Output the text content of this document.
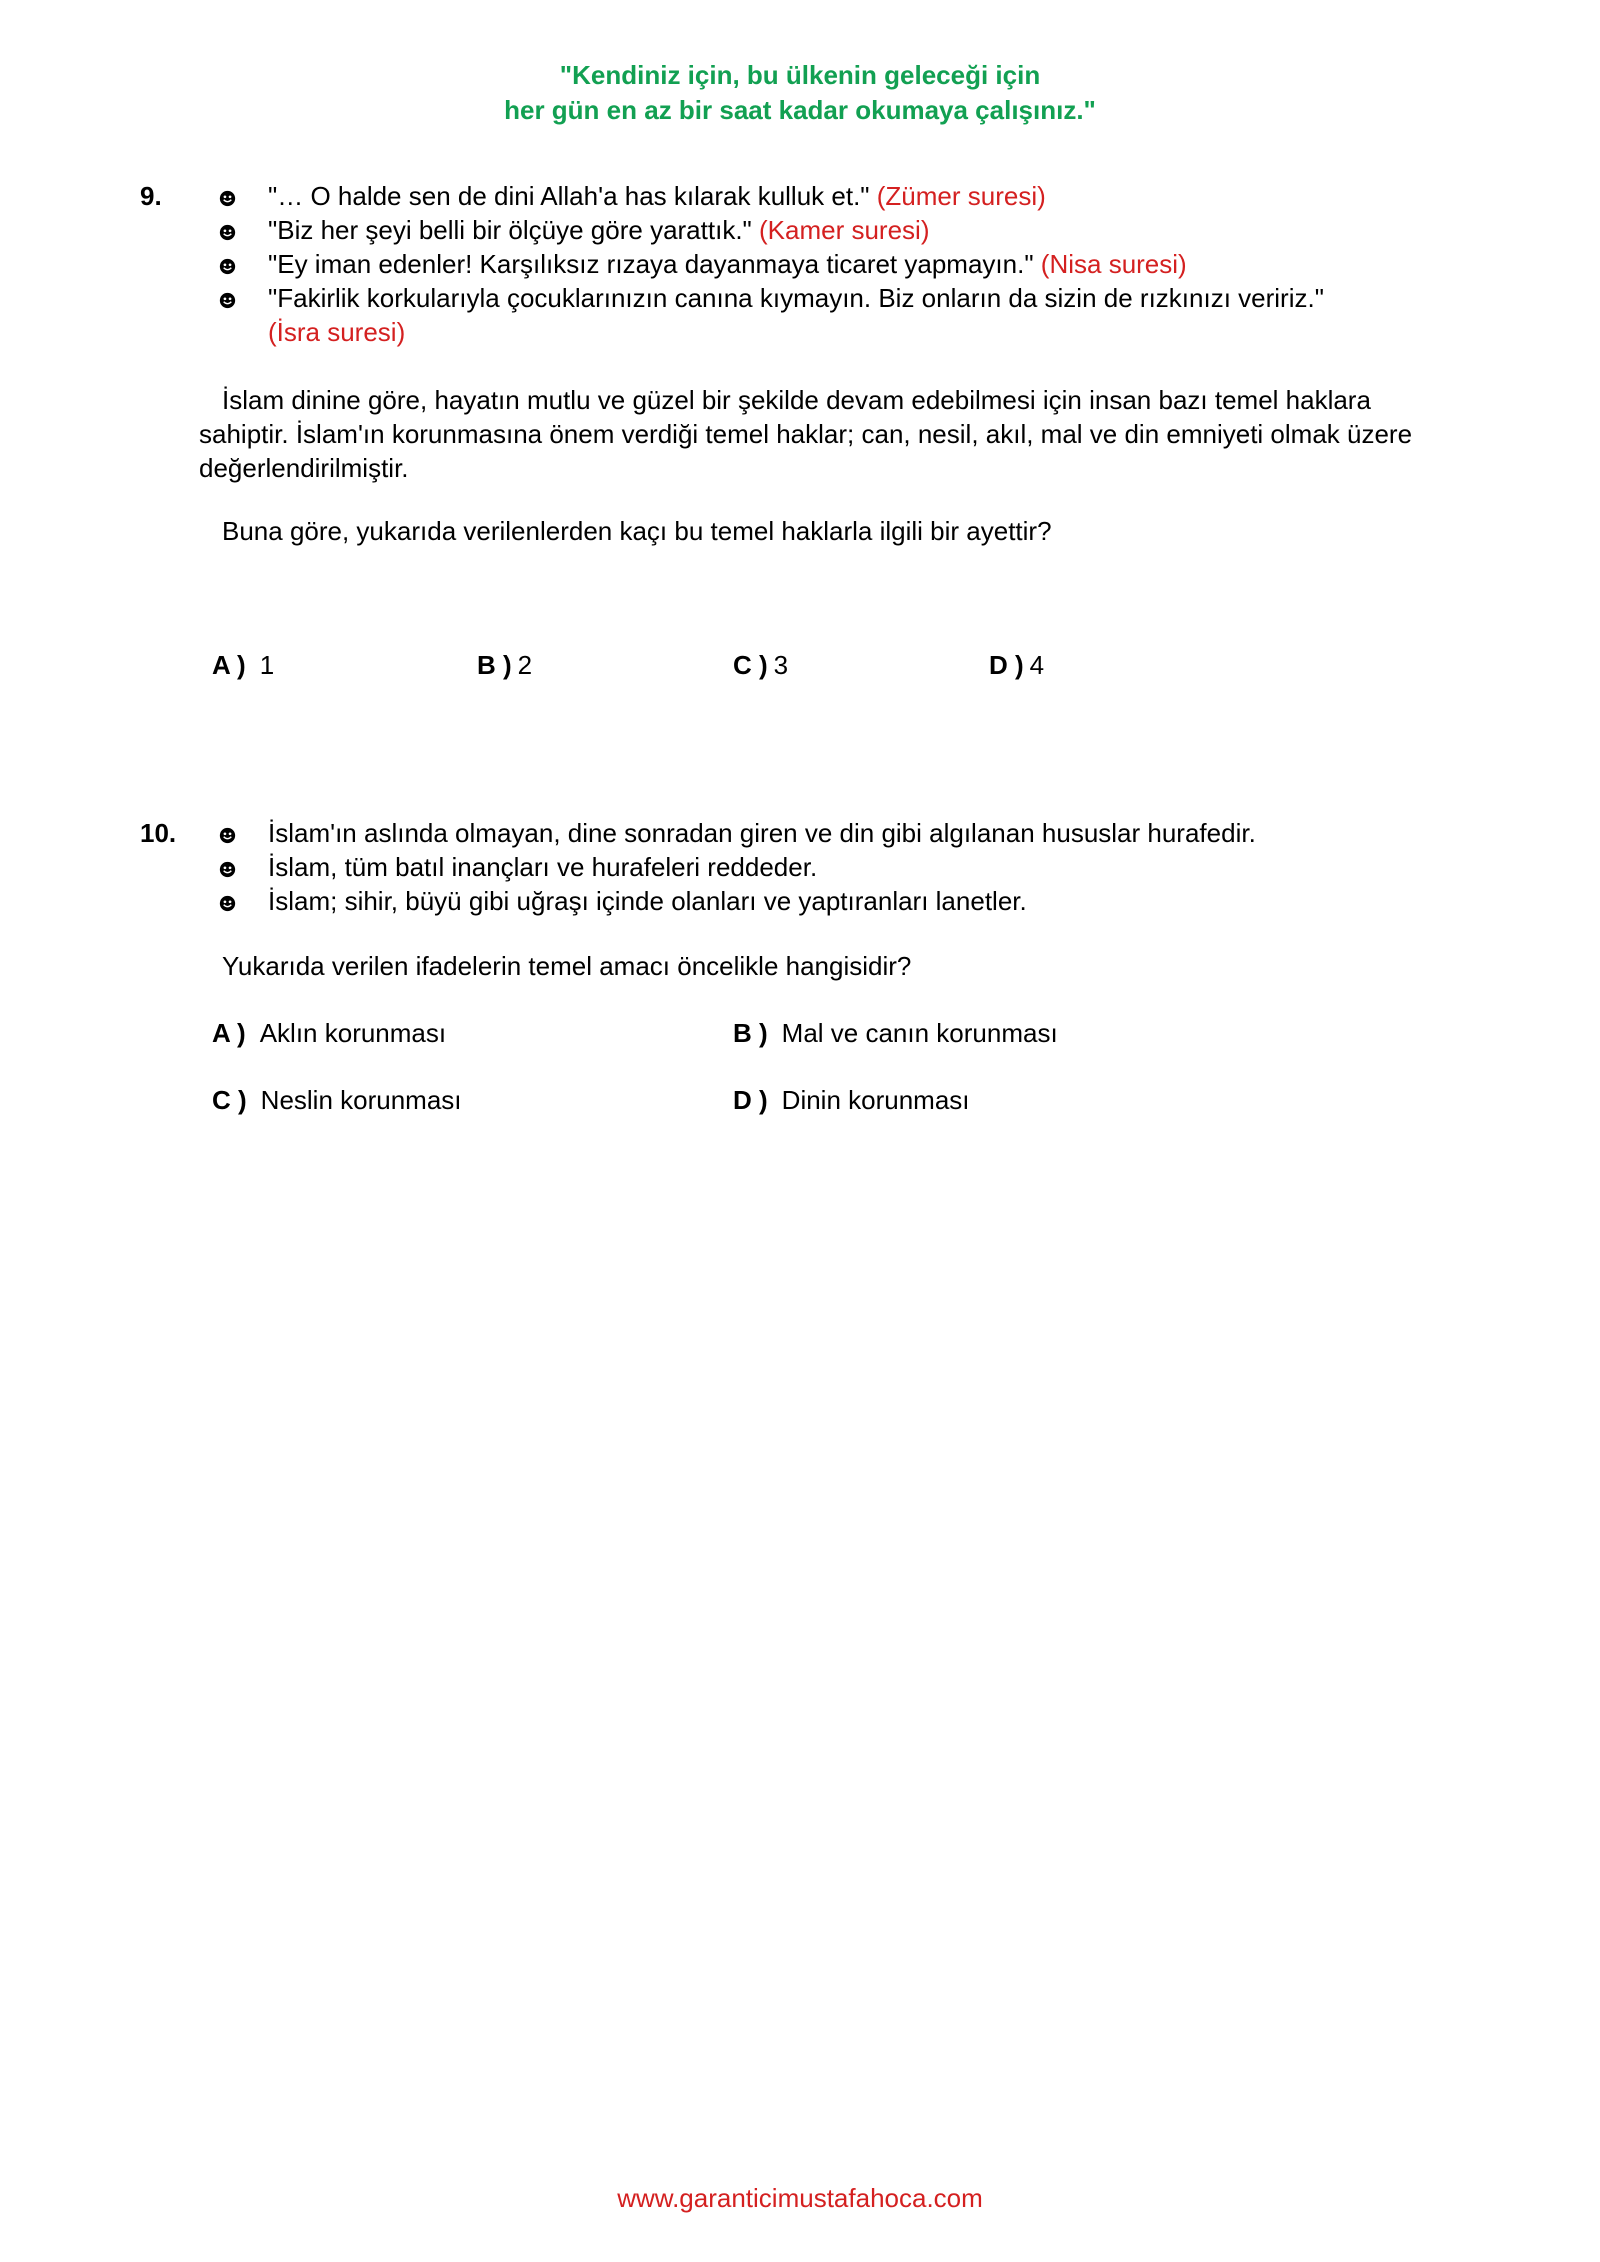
"Kendiniz için, bu ülkenin geleceği için
her gün en az bir saat kadar okumaya çalışınız."
9.	"… O halde sen de dini Allah'a has kılarak kulluk et." (Zümer suresi)
"Biz her şeyi belli bir ölçüye göre yarattık." (Kamer suresi)
"Ey iman edenler! Karşılıksız rızaya dayanmaya ticaret yapmayın." (Nisa suresi)
"Fakirlik korkularıyla çocuklarınızın canına kıymayın. Biz onların da sizin de rızkınızı veririz."
(İsra suresi)
İslam dinine göre, hayatın mutlu ve güzel bir şekilde devam edebilmesi için insan bazı temel haklara sahiptir. İslam'ın korunmasına önem verdiği temel haklar; can, nesil, akıl, mal ve din emniyeti olmak üzere değerlendirilmiştir.
Buna göre, yukarıda verilenlerden kaçı bu temel haklarla ilgili bir ayettir?
A ) 1	B ) 2	C ) 3	D ) 4
10.	İslam'ın aslında olmayan, dine sonradan giren ve din gibi algılanan hususlar hurafedir.
İslam, tüm batıl inançları ve hurafeleri reddeder.
İslam; sihir, büyü gibi uğraşı içinde olanları ve yaptıranları lanetler.
Yukarıda verilen ifadelerin temel amacı öncelikle hangisidir?
A ) Aklın korunması	B ) Mal ve canın korunması
C ) Neslin korunması	D ) Dinin korunması
www.garanticimustafahoca.com
